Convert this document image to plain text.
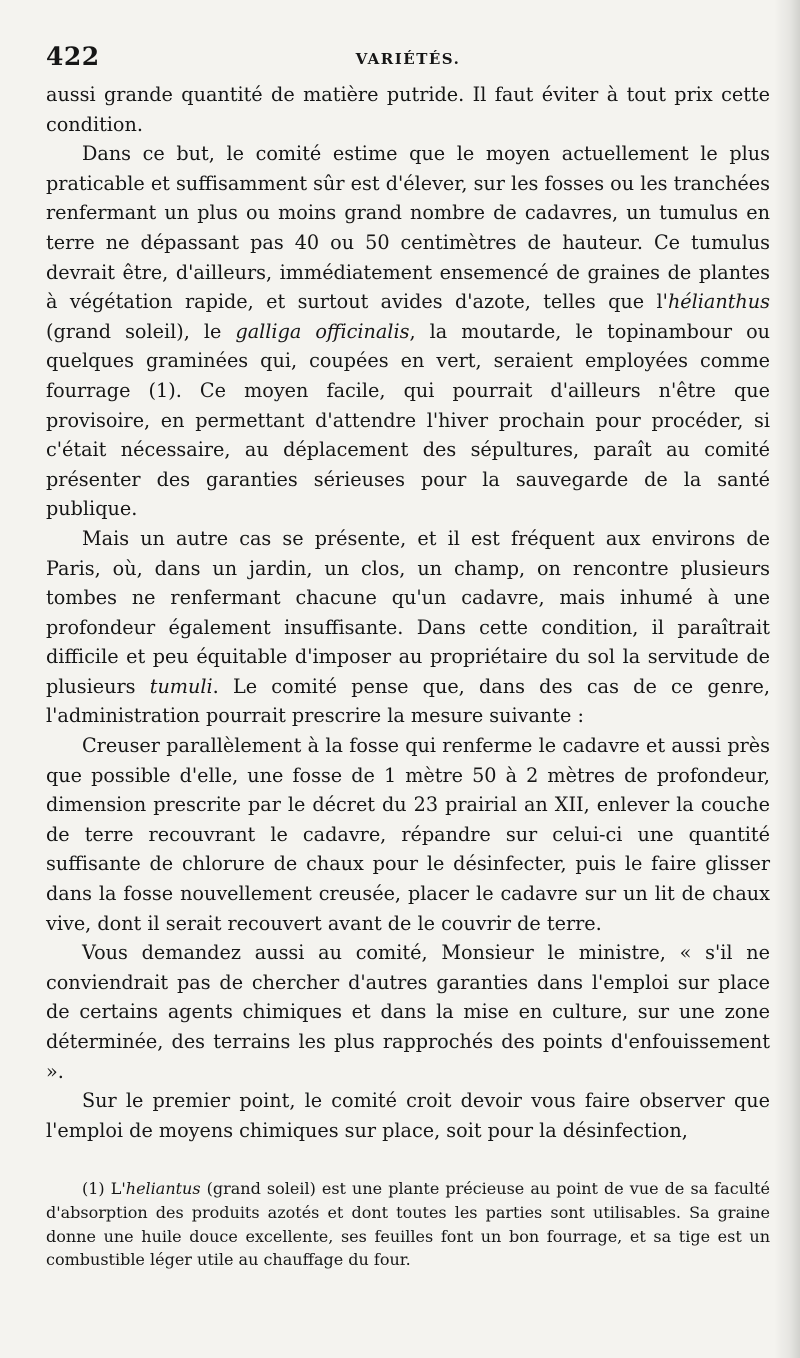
422	VARIÉTÉS.

aussi grande quantité de matière putride. Il faut éviter à tout prix cette condition.

Dans ce but, le comité estime que le moyen actuellement le plus praticable et suffisamment sûr est d'élever, sur les fosses ou les tranchées renfermant un plus ou moins grand nombre de cadavres, un tumulus en terre ne dépassant pas 40 ou 50 centimètres de hauteur. Ce tumulus devrait être, d'ailleurs, immédiatement ensemencé de graines de plantes à végétation rapide, et surtout avides d'azote, telles que l'hélianthus (grand soleil), le galliga officinalis, la moutarde, le topinambour ou quelques graminées qui, coupées en vert, seraient employées comme fourrage (1). Ce moyen facile, qui pourrait d'ailleurs n'être que provisoire, en permettant d'attendre l'hiver prochain pour procéder, si c'était nécessaire, au déplacement des sépultures, paraît au comité présenter des garanties sérieuses pour la sauvegarde de la santé publique.

Mais un autre cas se présente, et il est fréquent aux environs de Paris, où, dans un jardin, un clos, un champ, on rencontre plusieurs tombes ne renfermant chacune qu'un cadavre, mais inhumé à une profondeur également insuffisante. Dans cette condition, il paraîtrait difficile et peu équitable d'imposer au propriétaire du sol la servitude de plusieurs tumuli. Le comité pense que, dans des cas de ce genre, l'administration pourrait prescrire la mesure suivante :

Creuser parallèlement à la fosse qui renferme le cadavre et aussi près que possible d'elle, une fosse de 1 mètre 50 à 2 mètres de profondeur, dimension prescrite par le décret du 23 prairial an XII, enlever la couche de terre recouvrant le cadavre, répandre sur celui-ci une quantité suffisante de chlorure de chaux pour le désinfecter, puis le faire glisser dans la fosse nouvellement creusée, placer le cadavre sur un lit de chaux vive, dont il serait recouvert avant de le couvrir de terre.

Vous demandez aussi au comité, Monsieur le ministre, « s'il ne conviendrait pas de chercher d'autres garanties dans l'emploi sur place de certains agents chimiques et dans la mise en culture, sur une zone déterminée, des terrains les plus rapprochés des points d'enfouissement ».

Sur le premier point, le comité croit devoir vous faire observer que l'emploi de moyens chimiques sur place, soit pour la désinfection,

(1) L'heliantus (grand soleil) est une plante précieuse au point de vue de sa faculté d'absorption des produits azotés et dont toutes les parties sont utilisables. Sa graine donne une huile douce excellente, ses feuilles font un bon fourrage, et sa tige est un combustible léger utile au chauffage du four.
